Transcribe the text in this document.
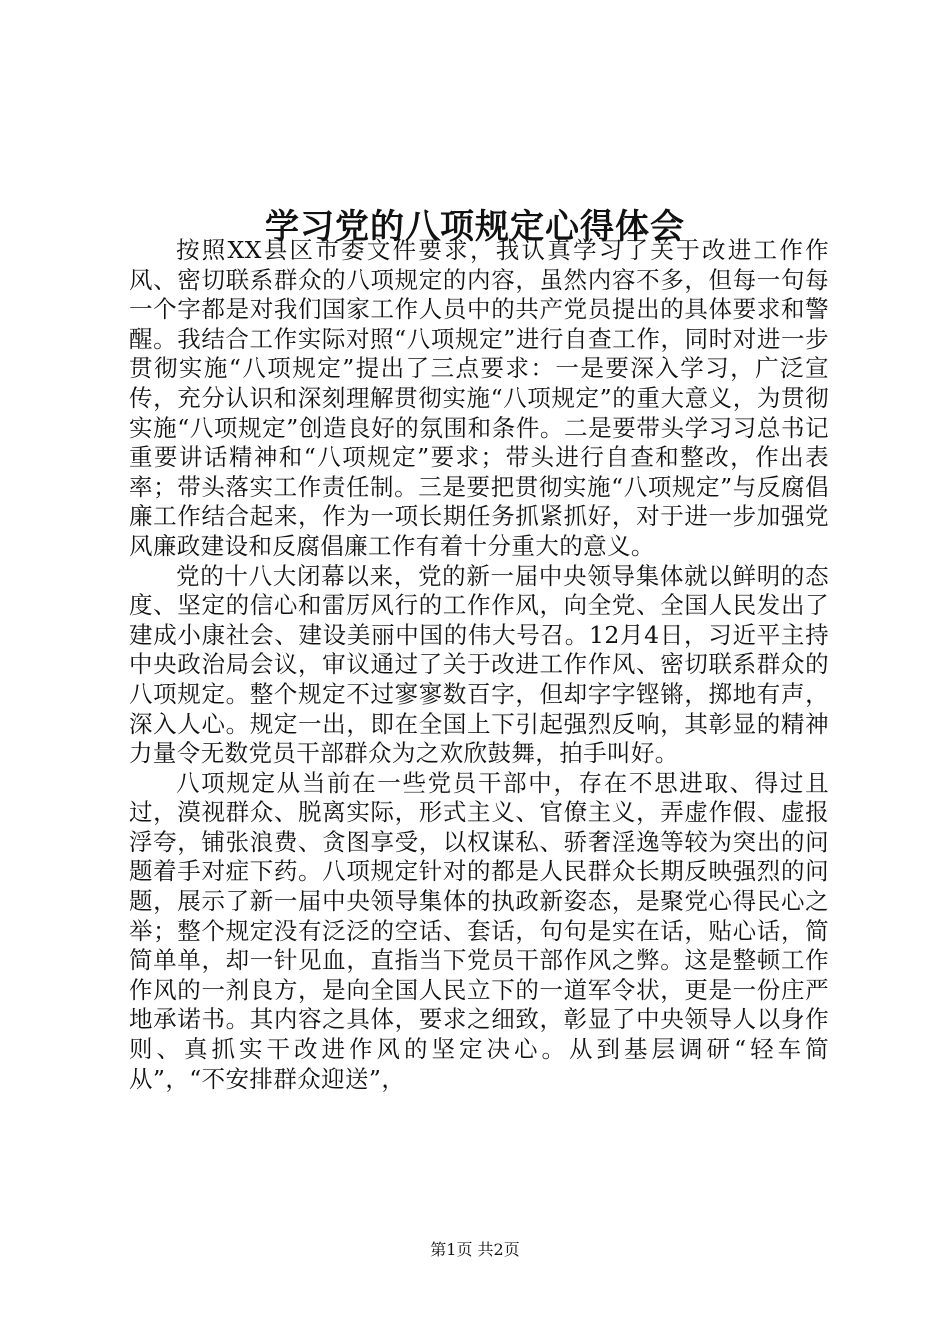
学习党的八项规定心得体会

按照XX县区市委文件要求，我认真学习了关于改进工作作风、密切联系群众的八项规定的内容，虽然内容不多，但每一句每一个字都是对我们国家工作人员中的共产党员提出的具体要求和警醒。我结合工作实际对照“八项规定”进行自查工作，同时对进一步贯彻实施“八项规定”提出了三点要求：一是要深入学习，广泛宣传，充分认识和深刻理解贯彻实施“八项规定”的重大意义，为贯彻实施“八项规定”创造良好的氛围和条件。二是要带头学习习总书记重要讲话精神和“八项规定”要求；带头进行自查和整改，作出表率；带头落实工作责任制。三是要把贯彻实施“八项规定”与反腐倡廉工作结合起来，作为一项长期任务抓紧抓好，对于进一步加强党风廉政建设和反腐倡廉工作有着十分重大的意义。

党的十八大闭幕以来，党的新一届中央领导集体就以鲜明的态度、坚定的信心和雷厉风行的工作作风，向全党、全国人民发出了建成小康社会、建设美丽中国的伟大号召。12月4日，习近平主持中央政治局会议，审议通过了关于改进工作作风、密切联系群众的八项规定。整个规定不过寥寥数百字，但却字字铿锵，掷地有声，深入人心。规定一出，即在全国上下引起强烈反响，其彰显的精神力量令无数党员干部群众为之欢欣鼓舞，拍手叫好。

八项规定从当前在一些党员干部中，存在不思进取、得过且过，漠视群众、脱离实际，形式主义、官僚主义，弄虚作假、虚报浮夸，铺张浪费、贪图享受，以权谋私、骄奢淫逸等较为突出的问题着手对症下药。八项规定针对的都是人民群众长期反映强烈的问题，展示了新一届中央领导集体的执政新姿态，是聚党心得民心之举；整个规定没有泛泛的空话、套话，句句是实在话，贴心话，简简单单，却一针见血，直指当下党员干部作风之弊。这是整顿工作作风的一剂良方，是向全国人民立下的一道军令状，更是一份庄严地承诺书。其内容之具体，要求之细致，彰显了中央领导人以身作则、真抓实干改进作风的坚定决心。从到基层调研“轻车简从”，“不安排群众迎送”，

第1页 共2页
